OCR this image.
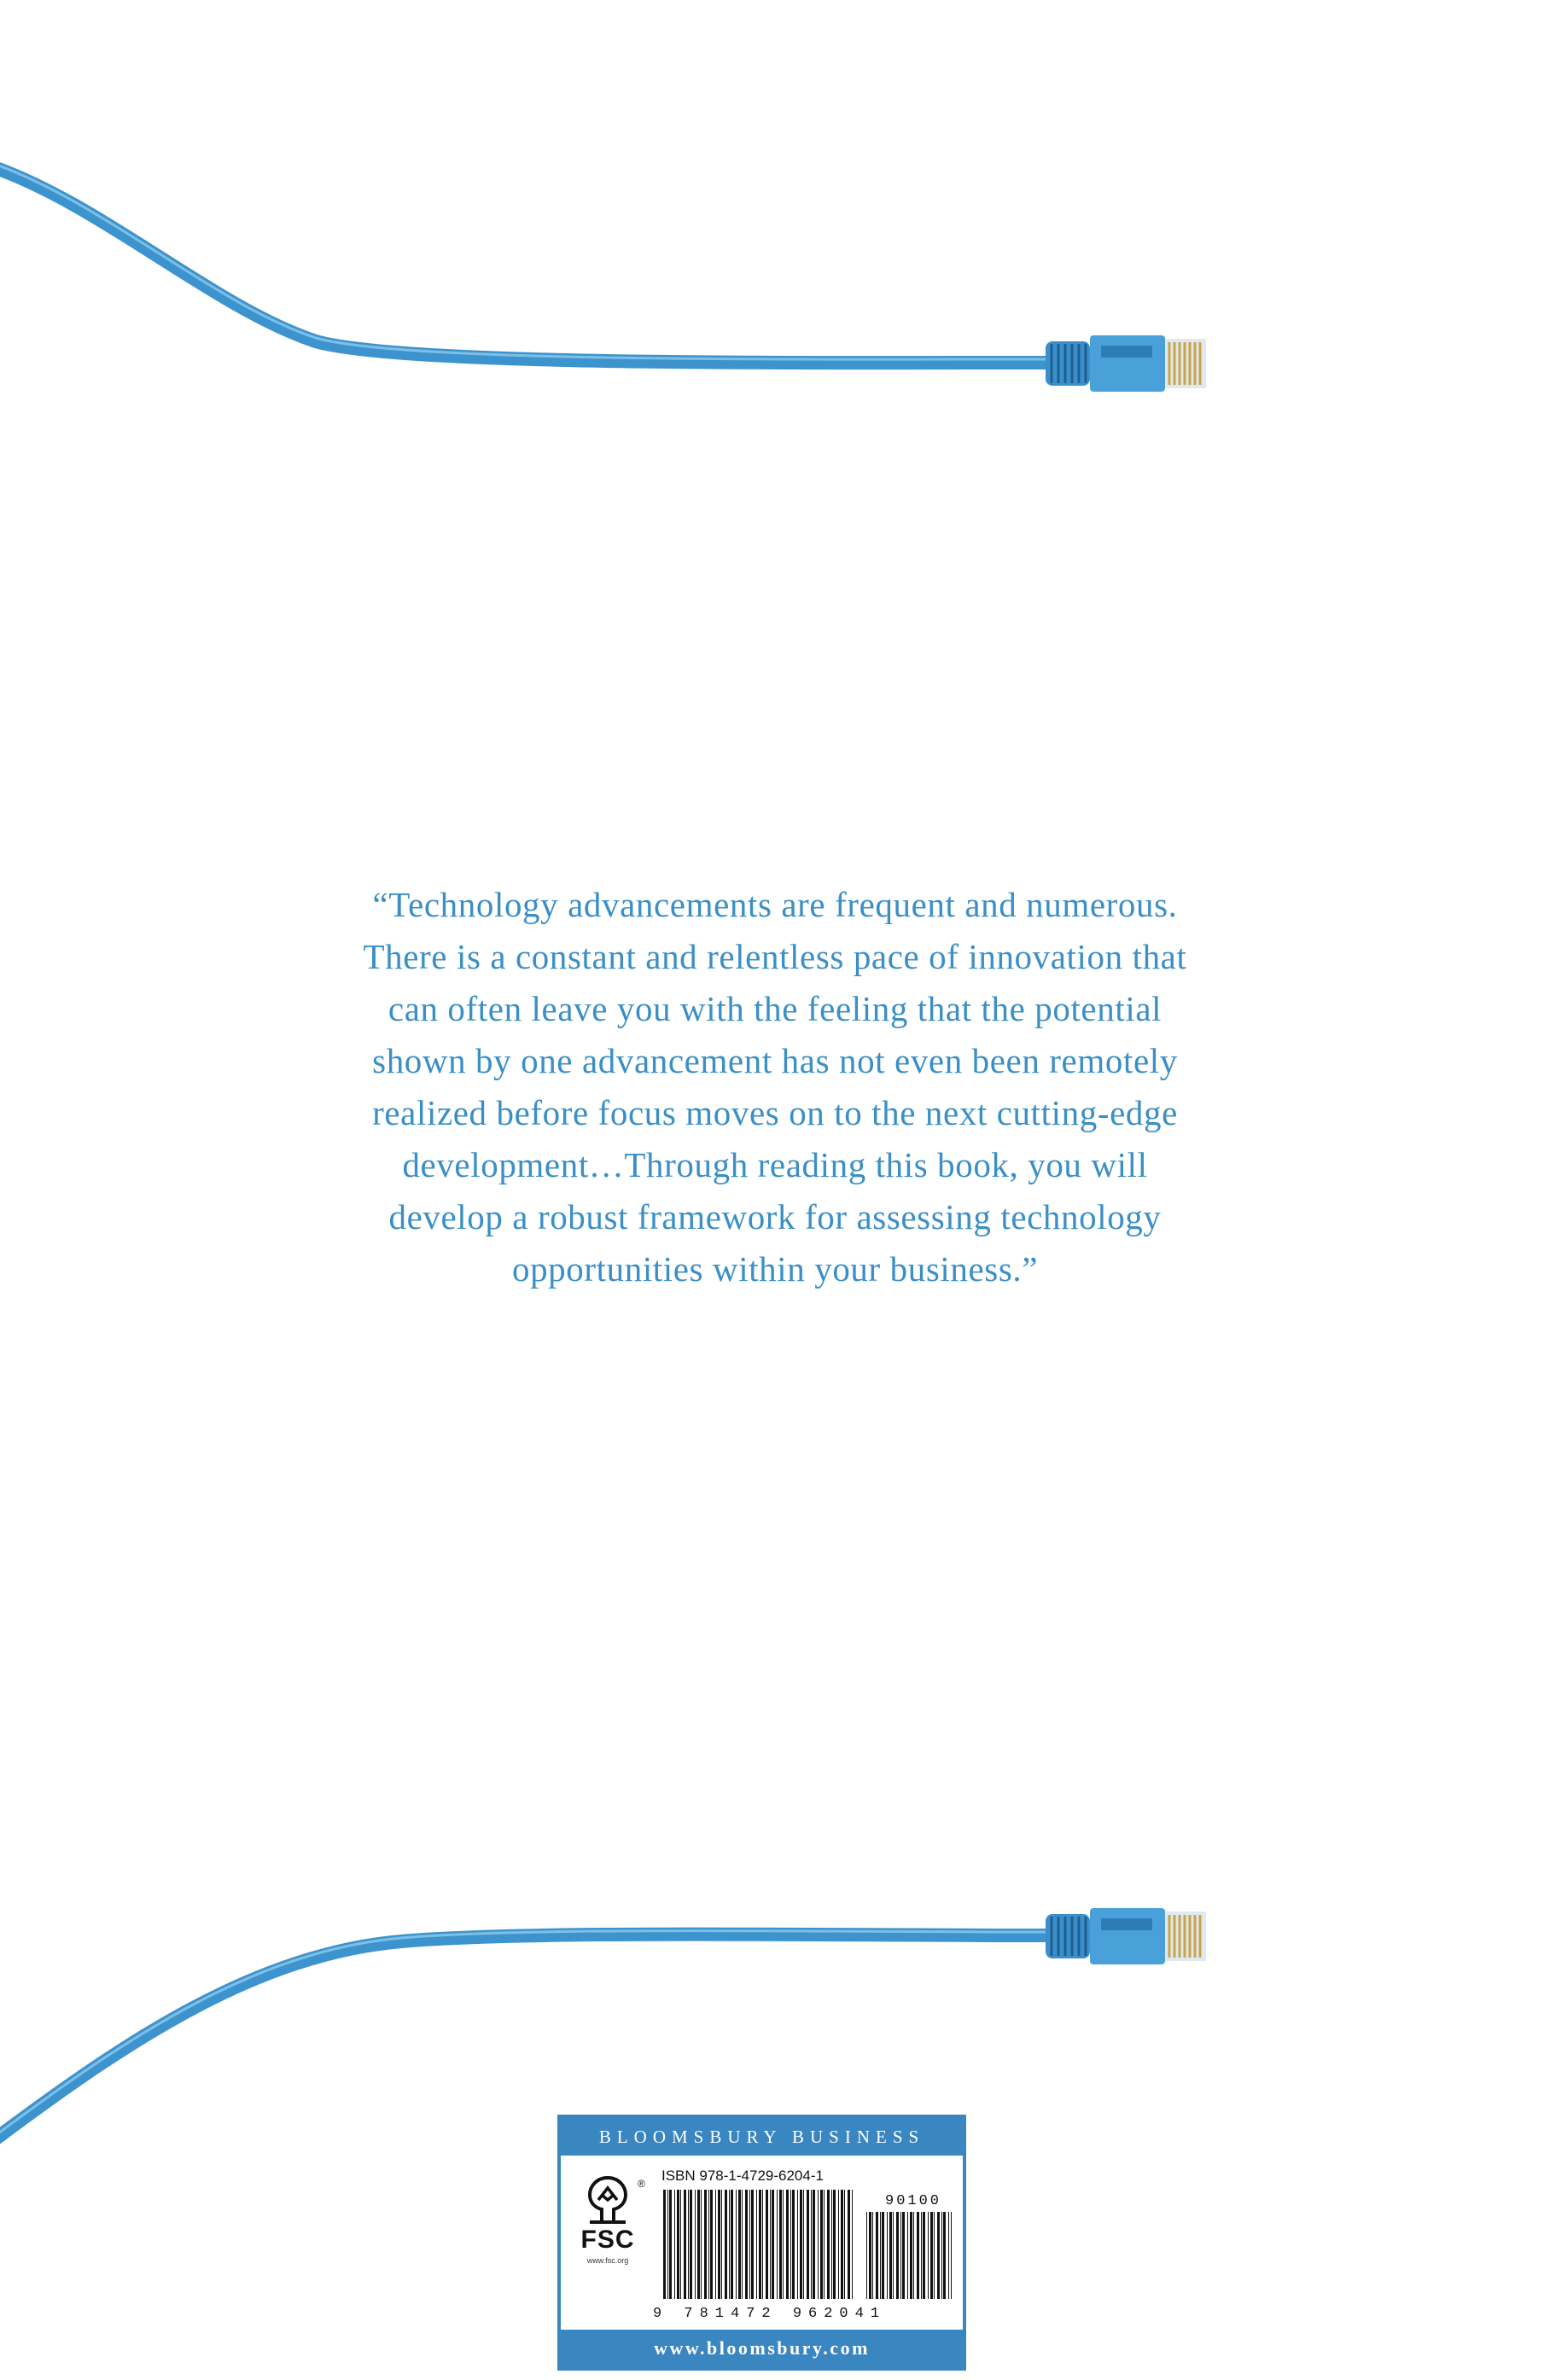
“Technology advancements are frequent and numerous.
There is a constant and relentless pace of innovation that
can often leave you with the feeling that the potential
shown by one advancement has not even been remotely
realized before focus moves on to the next cutting-edge
development…Through reading this book, you will
develop a robust framework for assessing technology
opportunities within your business.”

BLOOMSBURY BUSINESS
FSC
www.fsc.org
® ISBN 978-1-4729-6204-1
90100
9 781472 962041
www.bloomsbury.com
